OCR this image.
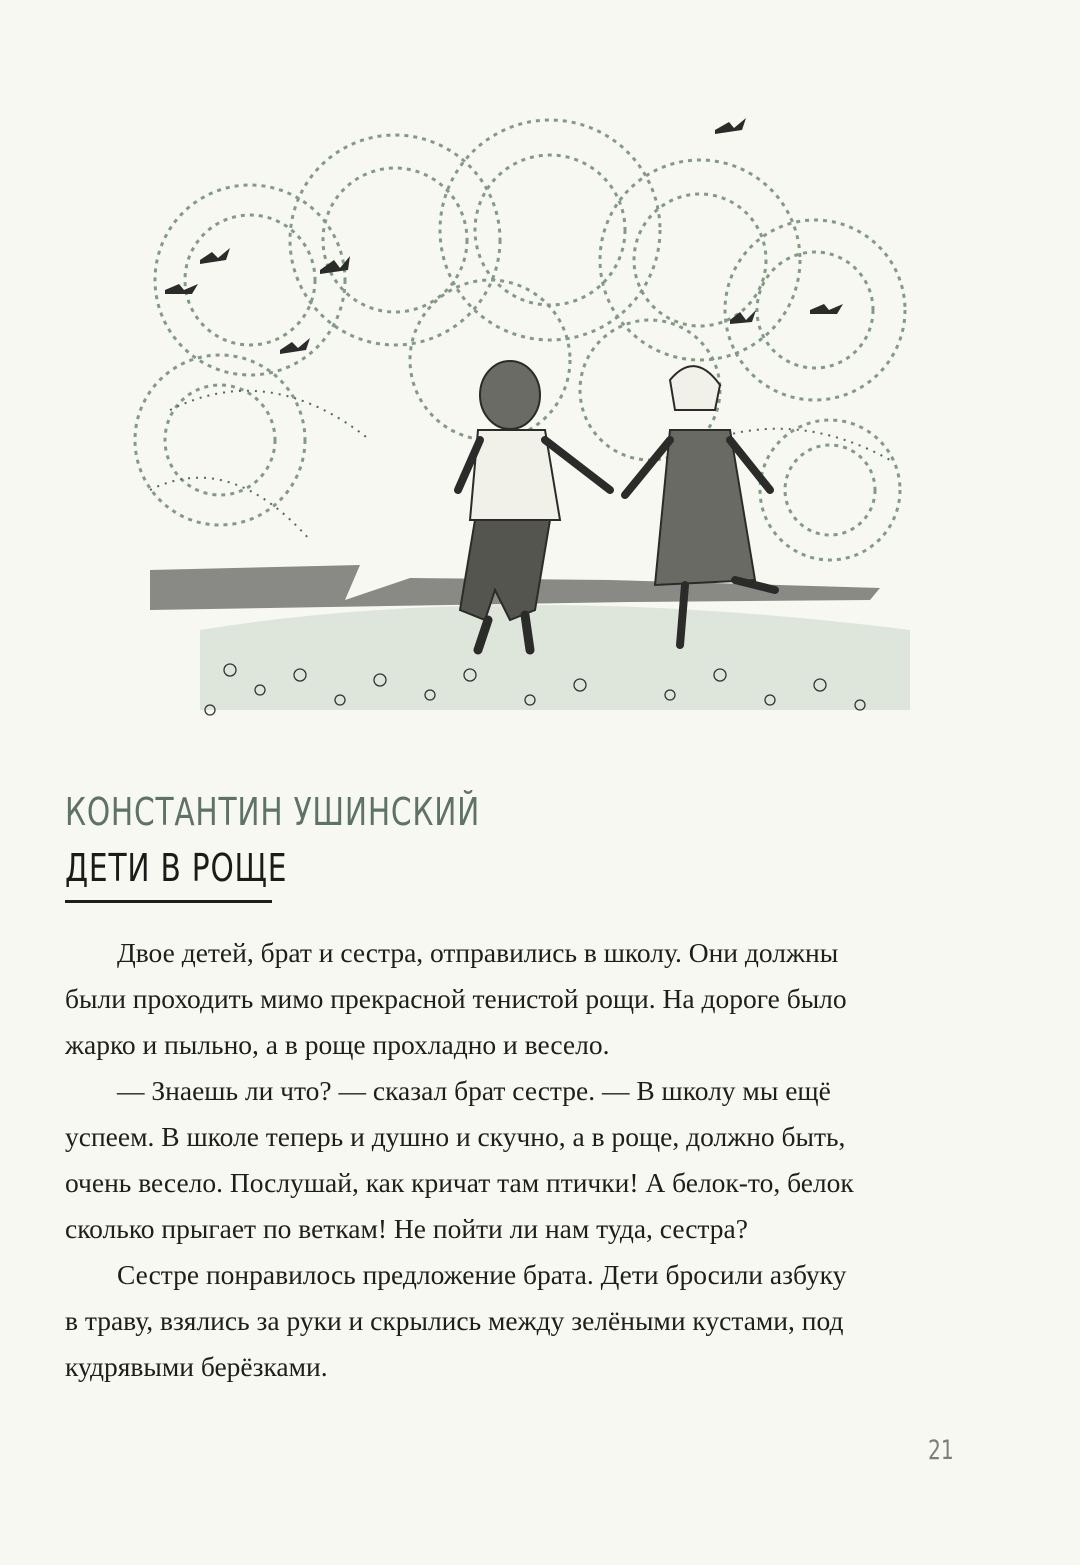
КОНСТАНТИН УШИНСКИЙ
ДЕТИ В РОЩЕ
Двое детей, брат и сестра, отправились в школу. Они должны
были проходить мимо прекрасной тенистой рощи. На дороге было
жарко и пыльно, а в роще прохладно и весело.
— Знаешь ли что? — сказал брат сестре. — В школу мы ещё
успеем. В школе теперь и душно и скучно, а в роще, должно быть,
очень весело. Послушай, как кричат там птички! А белок-то, белок
сколько прыгает по веткам! Не пойти ли нам туда, сестра?
Сестре понравилось предложение брата. Дети бросили азбуку
в траву, взялись за руки и скрылись между зелёными кустами, под
кудрявыми берёзками.
21
